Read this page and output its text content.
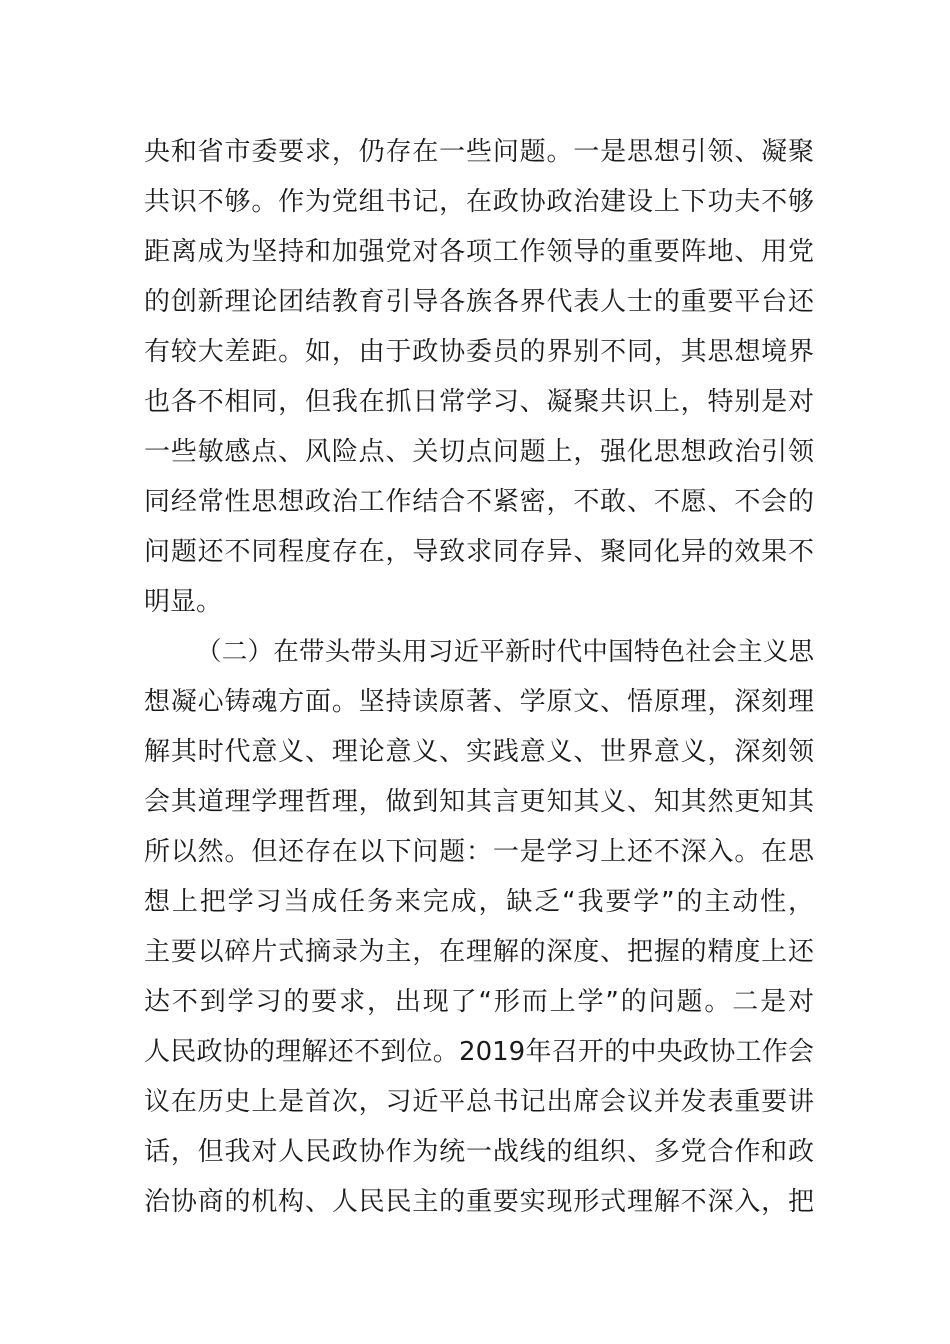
央和省市委要求，仍存在一些问题。一是思想引领、凝聚
共识不够。作为党组书记，在政协政治建设上下功夫不够
距离成为坚持和加强党对各项工作领导的重要阵地、用党
的创新理论团结教育引导各族各界代表人士的重要平台还
有较大差距。如，由于政协委员的界别不同，其思想境界
也各不相同，但我在抓日常学习、凝聚共识上，特别是对
一些敏感点、风险点、关切点问题上，强化思想政治引领
同经常性思想政治工作结合不紧密，不敢、不愿、不会的
问题还不同程度存在，导致求同存异、聚同化异的效果不
明显。
（二）在带头带头用习近平新时代中国特色社会主义思
想凝心铸魂方面。坚持读原著、学原文、悟原理，深刻理
解其时代意义、理论意义、实践意义、世界意义，深刻领
会其道理学理哲理，做到知其言更知其义、知其然更知其
所以然。但还存在以下问题：一是学习上还不深入。在思
想上把学习当成任务来完成，缺乏“我要学”的主动性，
主要以碎片式摘录为主，在理解的深度、把握的精度上还
达不到学习的要求，出现了“形而上学”的问题。二是对
人民政协的理解还不到位。2019年召开的中央政协工作会
议在历史上是首次，习近平总书记出席会议并发表重要讲
话，但我对人民政协作为统一战线的组织、多党合作和政
治协商的机构、人民民主的重要实现形式理解不深入，把
